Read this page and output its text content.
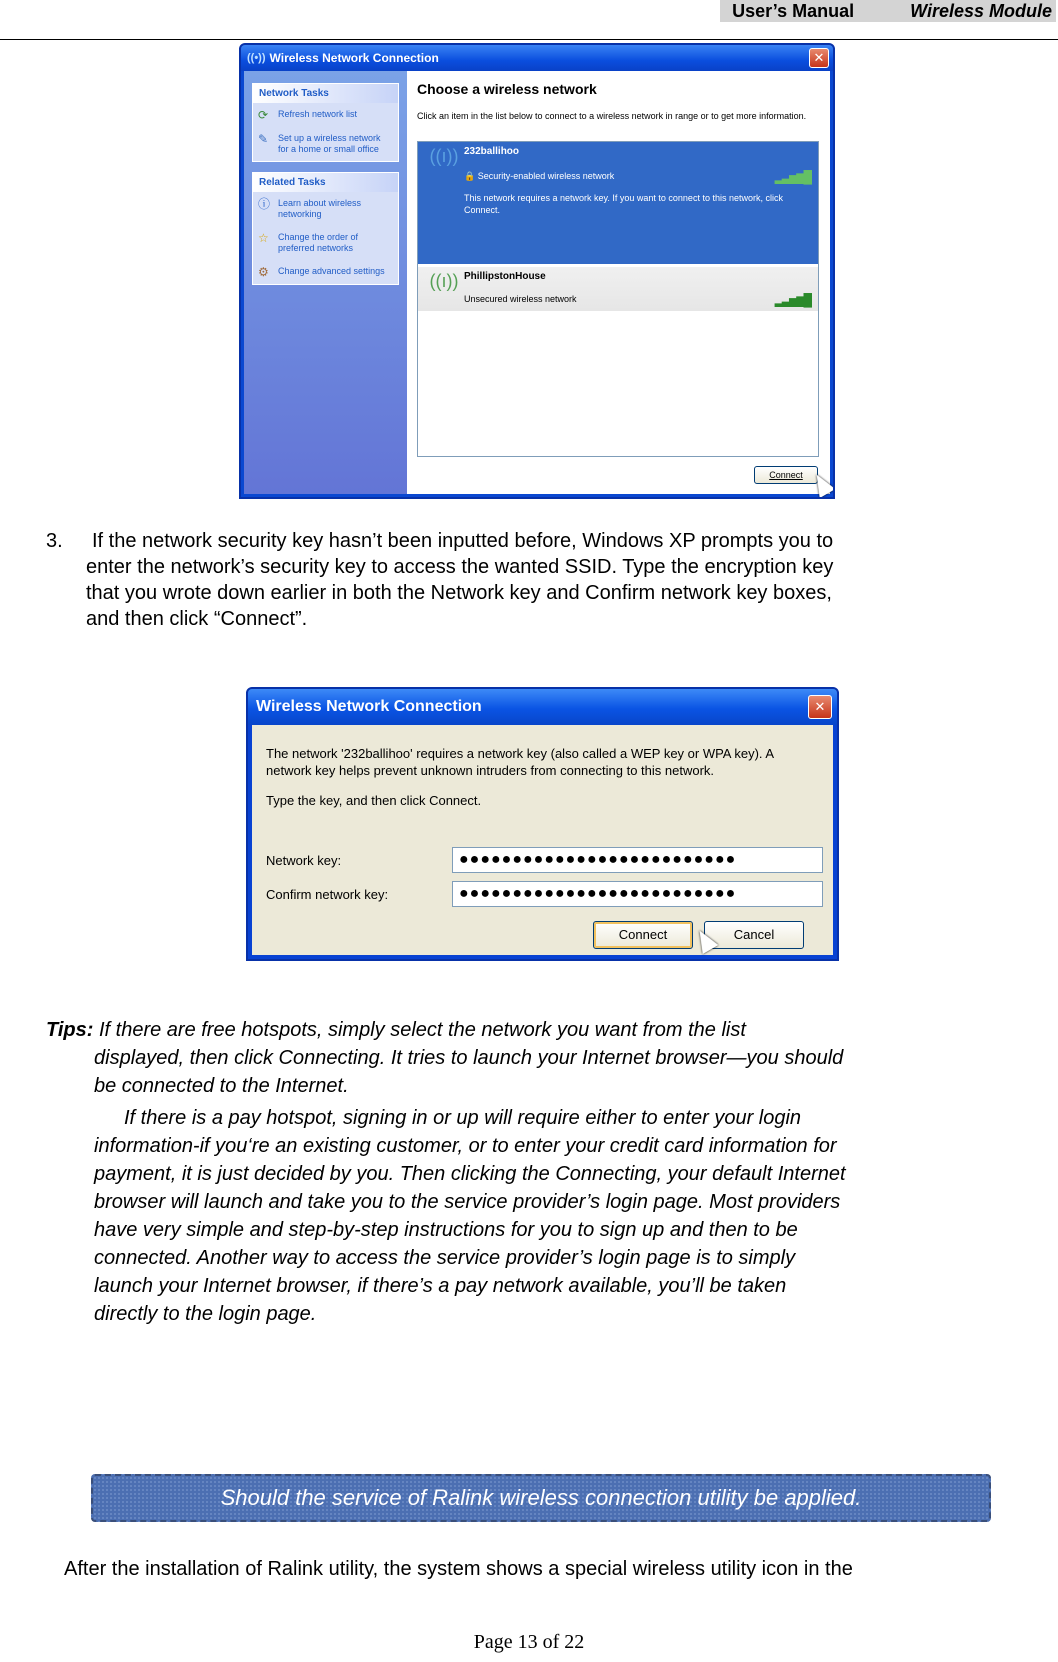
User’s Manual	Wireless Module
((•)) Wireless Network Connection	✕
Network Tasks
⟳	Refresh network list
✎	Set up a wireless network for a home or small office
Related Tasks
ⓘ Learn about wireless networking
☆	Change the order of preferred networks
⚙	Change advanced settings
Choose a wireless network
Click an item in the list below to connect to a wireless network in range or to get more information.
((ı)) 232ballihoo
🔒 Security-enabled wireless network
This network requires a network key. If you want to connect to this network, click Connect.
▂▃▅▆█
((ı)) PhillipstonHouse
Unsecured wireless network	▂▃▅▆█
Connect
3.	If the network security key hasn’t been inputted before, Windows XP prompts you to
enter the network’s security key to access the wanted SSID. Type the encryption key
that you wrote down earlier in both the Network key and Confirm network key boxes,
and then click “Connect”.
Wireless Network Connection	✕
The network '232ballihoo' requires a network key (also called a WEP key or WPA key). A
network key helps prevent unknown intruders from connecting to this network.
Type the key, and then click Connect.
Network key:	●●●●●●●●●●●●●●●●●●●●●●●●●●
Confirm network key:	●●●●●●●●●●●●●●●●●●●●●●●●●●
Connect	Cancel
Tips: If there are free hotspots, simply select the network you want from the list
displayed, then click Connecting. It tries to launch your Internet browser—you should
be connected to the Internet.
If there is a pay hotspot, signing in or up will require either to enter your login
information-if you‘re an existing customer, or to enter your credit card information for
payment, it is just decided by you. Then clicking the Connecting, your default Internet
browser will launch and take you to the service provider’s login page. Most providers
have very simple and step-by-step instructions for you to sign up and then to be
connected. Another way to access the service provider’s login page is to simply
launch your Internet browser, if there’s a pay network available, you’ll be taken
directly to the login page.
Should the service of Ralink wireless connection utility be applied.
After the installation of Ralink utility, the system shows a special wireless utility icon in the
Page 13 of 22
